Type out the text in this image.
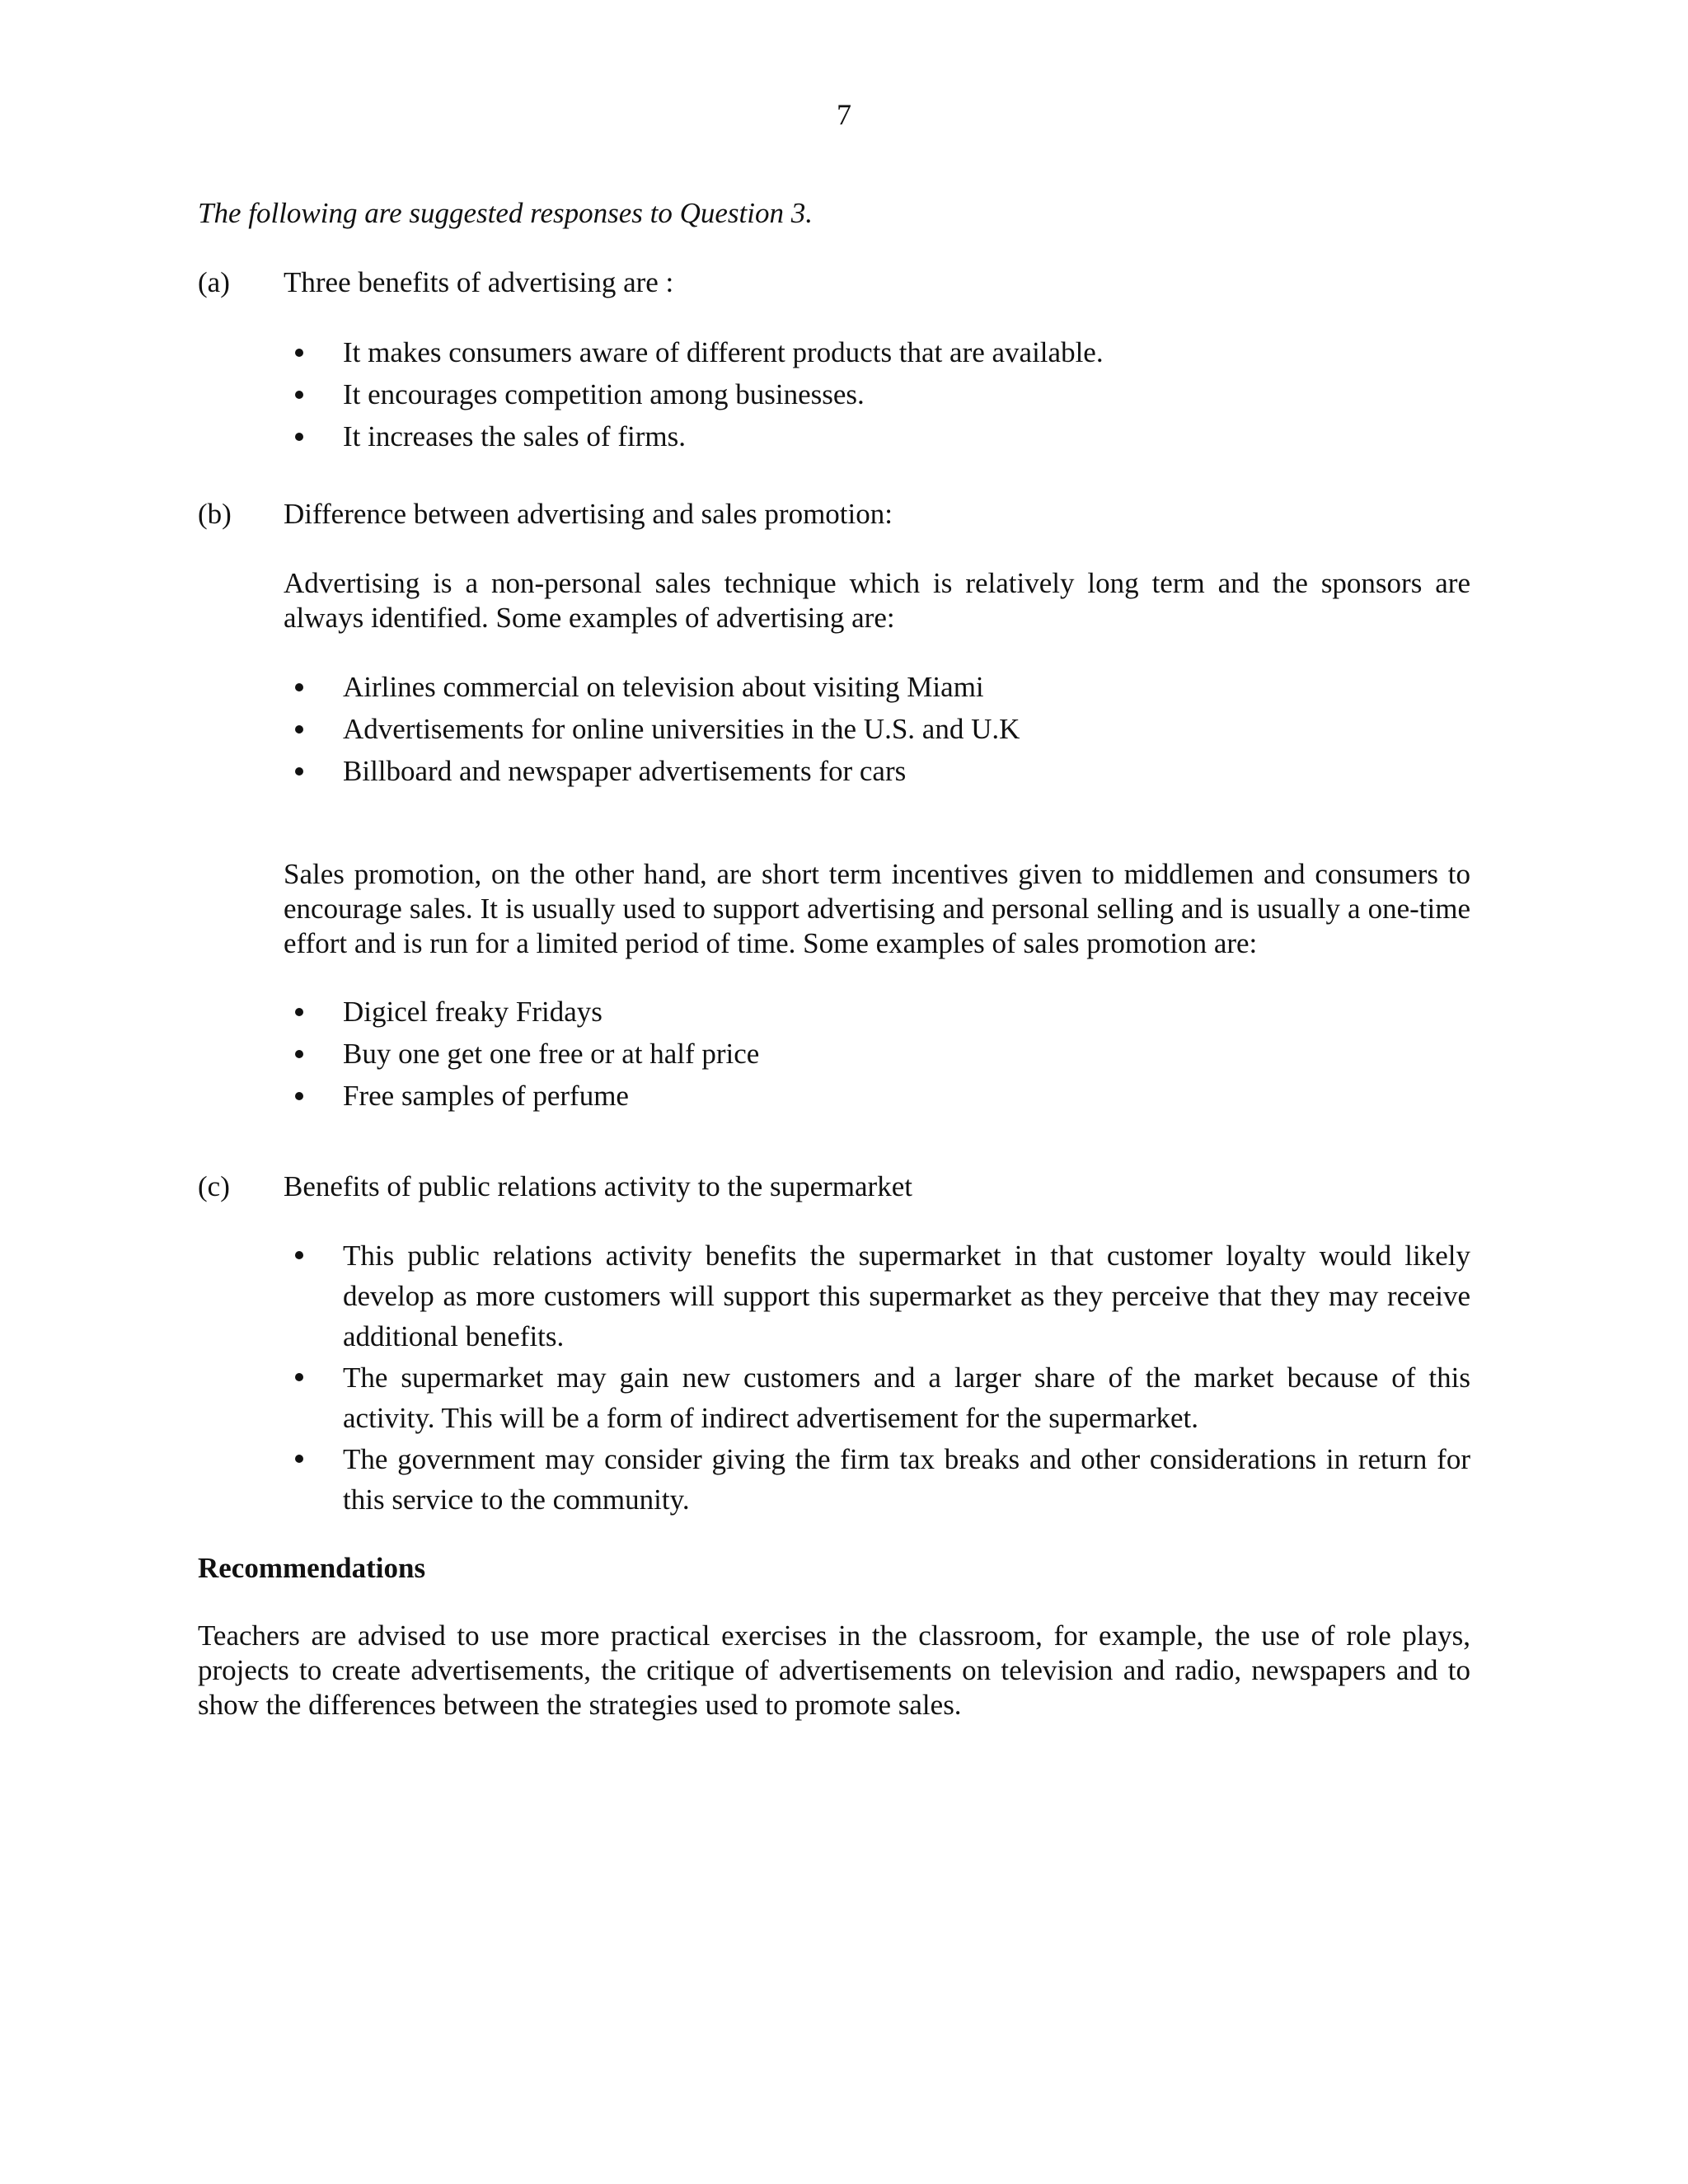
7
The following are suggested responses to Question 3.
(a) Three benefits of advertising are :
It makes consumers aware of different products that are available.
It encourages competition among businesses.
It increases the sales of firms.
(b) Difference between advertising and sales promotion:
Advertising is a non-personal sales technique which is relatively long term and the sponsors are always identified. Some examples of advertising are:
Airlines commercial on television about visiting Miami
Advertisements for online universities in the U.S. and U.K
Billboard and newspaper advertisements for cars
Sales promotion, on the other hand, are short term incentives given to middlemen and consumers to encourage sales. It is usually used to support advertising and personal selling and is usually a one-time effort and is run for a limited period of time. Some examples of sales promotion are:
Digicel freaky Fridays
Buy one get one free or at half price
Free samples of perfume
(c) Benefits of public relations activity to the supermarket
This public relations activity benefits the supermarket in that customer loyalty would likely develop as more customers will support this supermarket as they perceive that they may receive additional benefits.
The supermarket may gain new customers and a larger share of the market because of this activity. This will be a form of indirect advertisement for the supermarket.
The government may consider giving the firm tax breaks and other considerations in return for this service to the community.
Recommendations
Teachers are advised to use more practical exercises in the classroom, for example, the use of role plays, projects to create advertisements, the critique of advertisements on television and radio, newspapers and to show the differences between the strategies used to promote sales.
